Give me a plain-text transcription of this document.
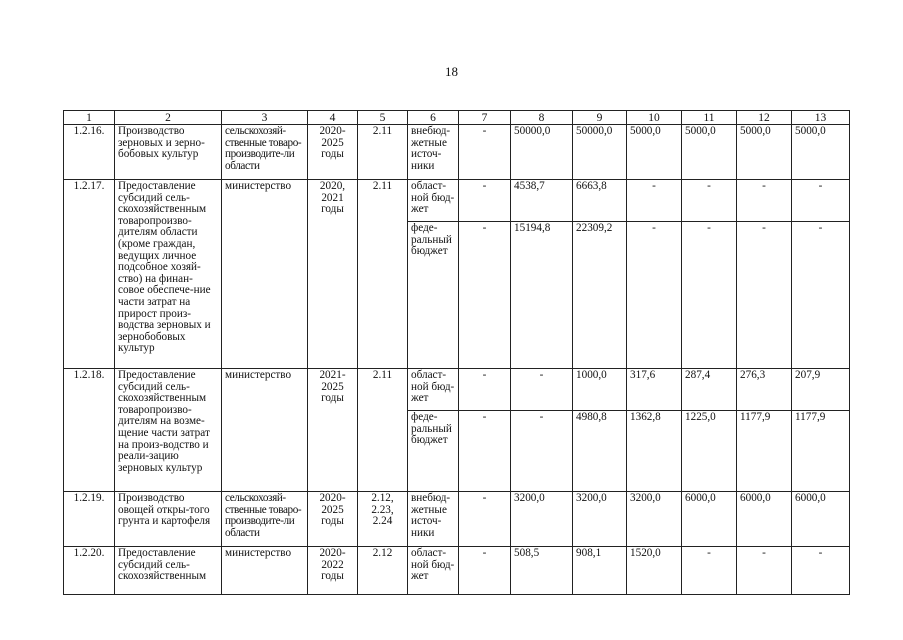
18
1	2	3	4	5	6	7	8	9	10	11	12	13
1.2.16.	Производство зерновых и зерно-бобовых культур	сельскохозяй-ственные товаро-производите-ли области	2020-2025 годы	2.11	внебюд-жетные источ-ники	-	50000,0	50000,0	5000,0	5000,0	5000,0	5000,0
1.2.17.	Предоставление субсидий сель-скохозяйственным товаропроизво-дителям области (кроме граждан, ведущих личное подсобное хозяй-ство) на финан-совое обеспече-ние части затрат на прирост произ-водства зерновых и зернобобовых культур	министерство	2020, 2021 годы	2.11	област-ной бюд-жет	-	4538,7	6663,8	-	-	-	-
					феде-ральный бюджет	-	15194,8	22309,2	-	-	-	-
1.2.18.	Предоставление субсидий сель-скохозяйственным товаропроизво-дителям на возме-щение части затрат на произ-водство и реали-зацию зерновых культур	министерство	2021-2025 годы	2.11	област-ной бюд-жет	-	-	1000,0	317,6	287,4	276,3	207,9
					феде-ральный бюджет	-	-	4980,8	1362,8	1225,0	1177,9	1177,9
1.2.19.	Производство овощей откры-того грунта и картофеля	сельскохозяй-ственные товаро-производите-ли области	2020-2025 годы	2.12, 2.23, 2.24	внебюд-жетные источ-ники	-	3200,0	3200,0	3200,0	6000,0	6000,0	6000,0
1.2.20.	Предоставление субсидий сель-скохозяйственным	министерство	2020-2022 годы	2.12	област-ной бюд-жет	-	508,5	908,1	1520,0	-	-	-
